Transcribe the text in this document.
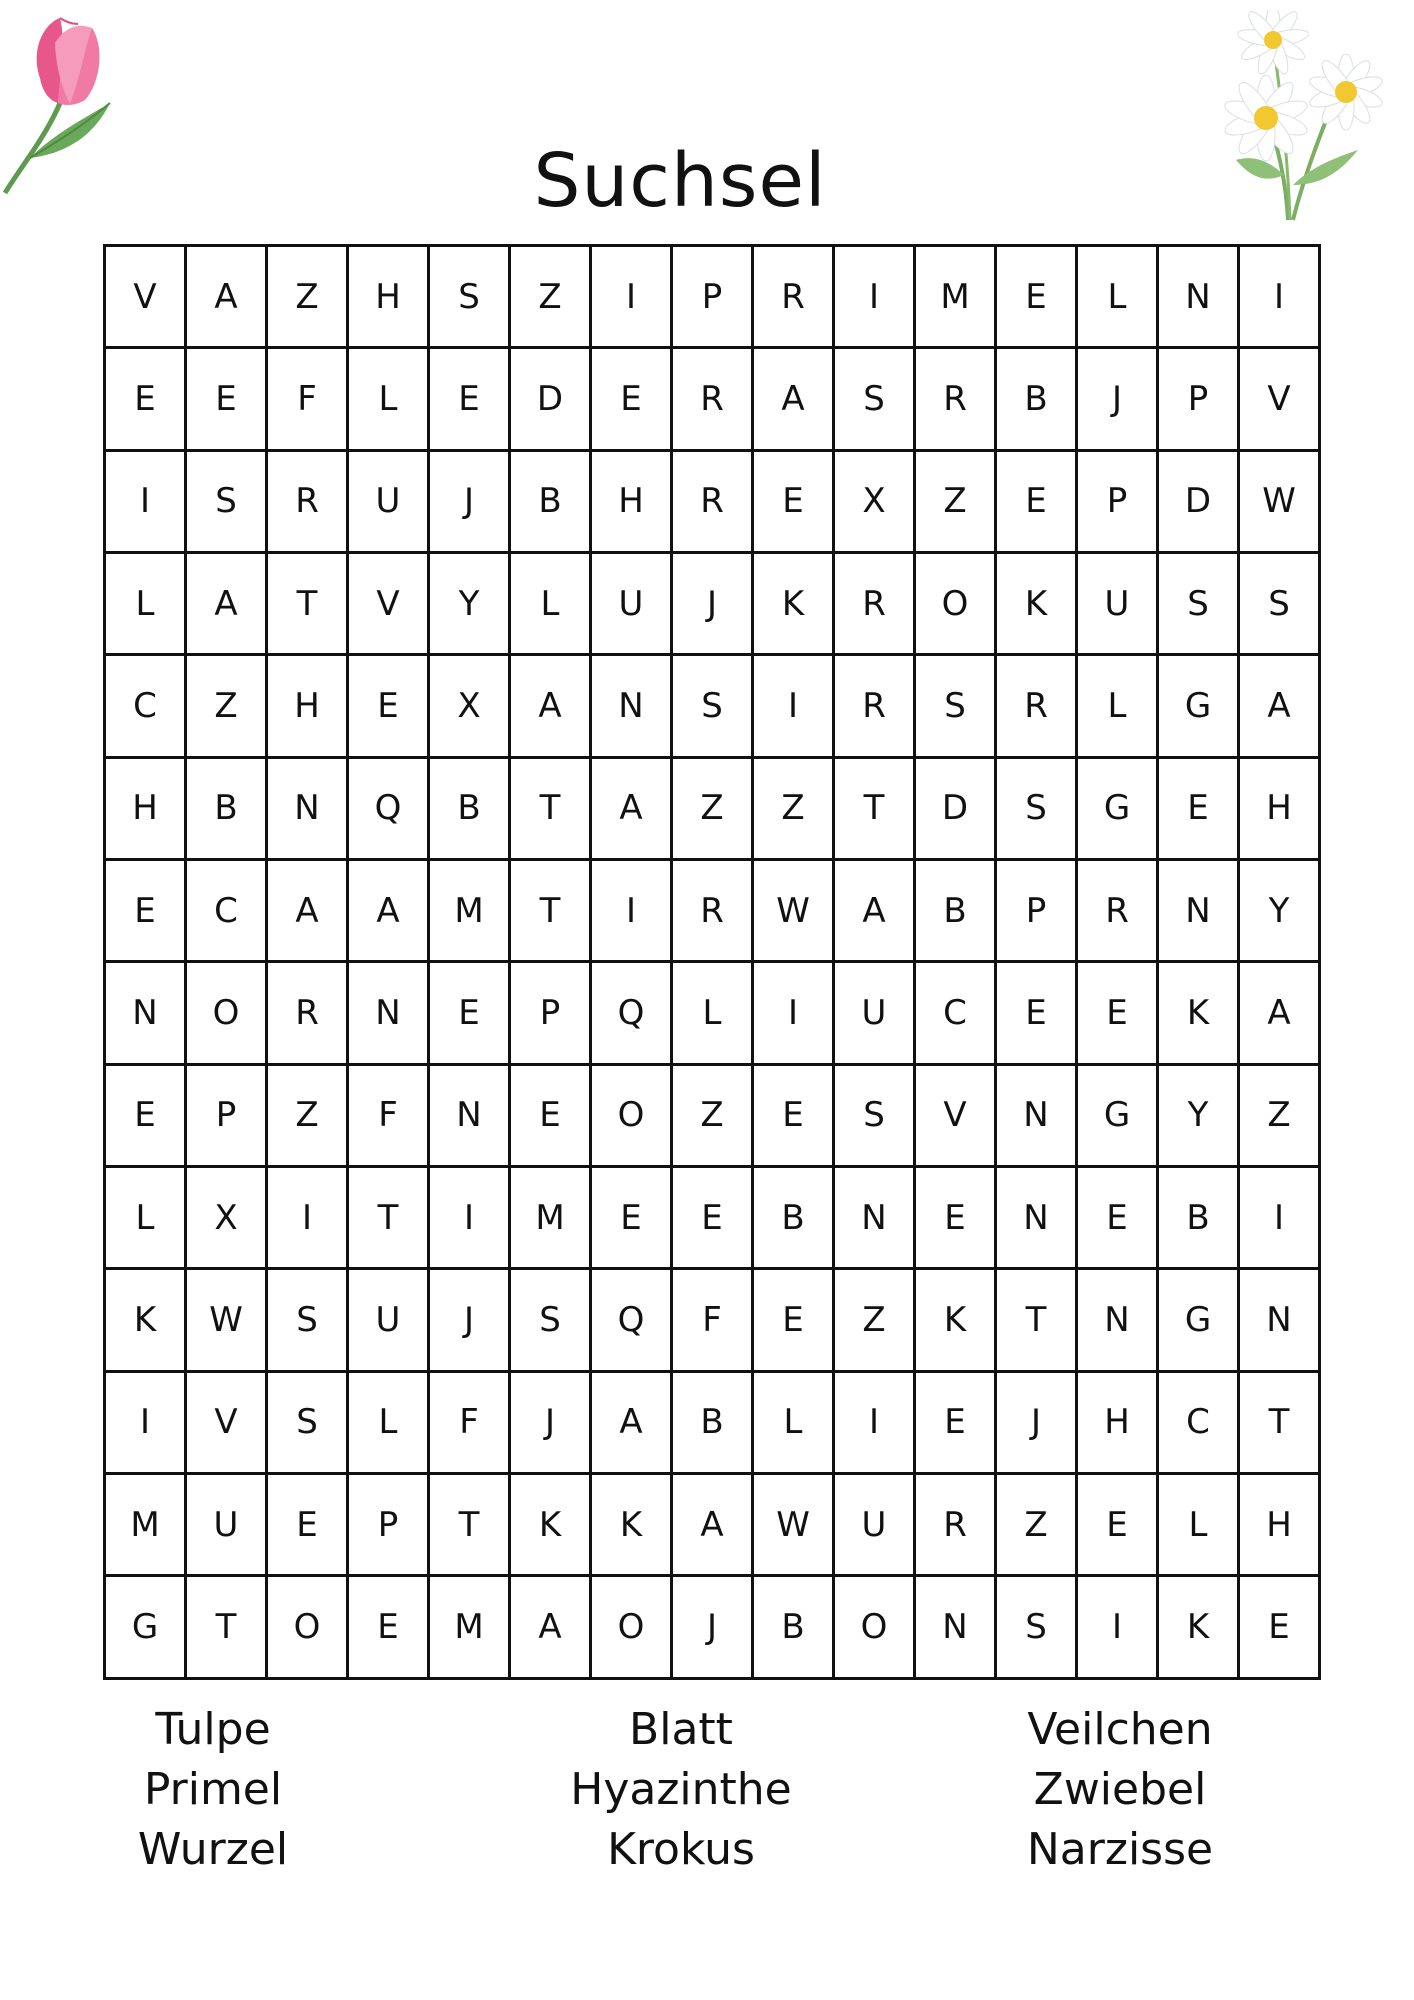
Suchsel
V	A	Z	H	S	Z	I	P	R	I	M	E	L	N	I
E	E	F	L	E	D	E	R	A	S	R	B	J	P	V
I	S	R	U	J	B	H	R	E	X	Z	E	P	D	W
L	A	T	V	Y	L	U	J	K	R	O	K	U	S	S
C	Z	H	E	X	A	N	S	I	R	S	R	L	G	A
H	B	N	Q	B	T	A	Z	Z	T	D	S	G	E	H
E	C	A	A	M	T	I	R	W	A	B	P	R	N	Y
N	O	R	N	E	P	Q	L	I	U	C	E	E	K	A
E	P	Z	F	N	E	O	Z	E	S	V	N	G	Y	Z
L	X	I	T	I	M	E	E	B	N	E	N	E	B	I
K	W	S	U	J	S	Q	F	E	Z	K	T	N	G	N
I	V	S	L	F	J	A	B	L	I	E	J	H	C	T
M	U	E	P	T	K	K	A	W	U	R	Z	E	L	H
G	T	O	E	M	A	O	J	B	O	N	S	I	K	E
Tulpe
Primel
Wurzel
Blatt
Hyazinthe
Krokus
Veilchen
Zwiebel
Narzisse
